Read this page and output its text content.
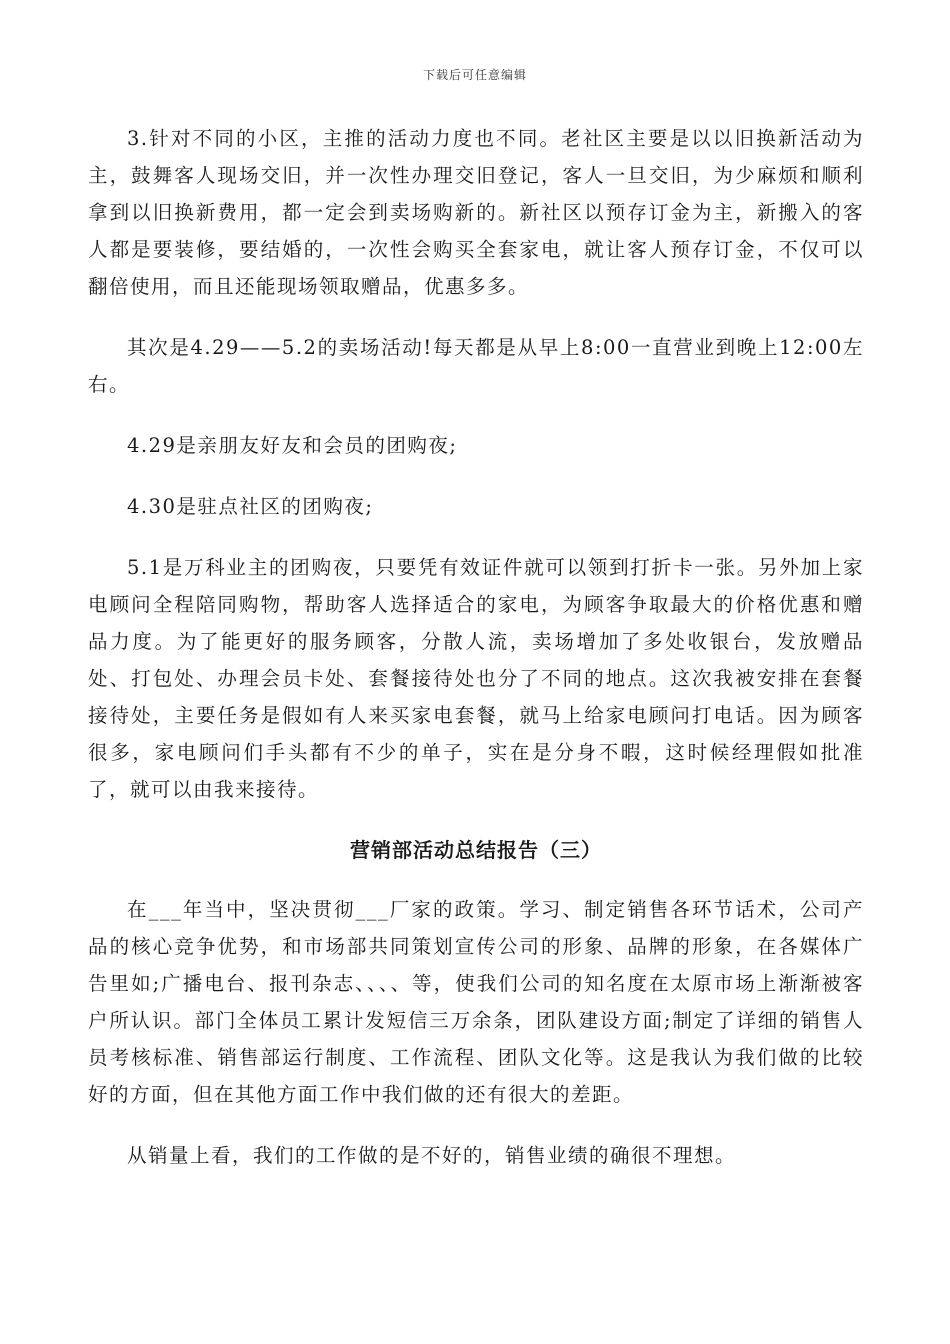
下载后可任意编辑

3.针对不同的小区，主推的活动力度也不同。老社区主要是以以旧换新活动为主，鼓舞客人现场交旧，并一次性办理交旧登记，客人一旦交旧，为少麻烦和顺利拿到以旧换新费用，都一定会到卖场购新的。新社区以预存订金为主，新搬入的客人都是要装修，要结婚的，一次性会购买全套家电，就让客人预存订金，不仅可以翻倍使用，而且还能现场领取赠品，优惠多多。

其次是4.29——5.2的卖场活动!每天都是从早上8:00一直营业到晚上12:00左右。

4.29是亲朋友好友和会员的团购夜;

4.30是驻点社区的团购夜;

5.1是万科业主的团购夜，只要凭有效证件就可以领到打折卡一张。另外加上家电顾问全程陪同购物，帮助客人选择适合的家电，为顾客争取最大的价格优惠和赠品力度。为了能更好的服务顾客，分散人流，卖场增加了多处收银台，发放赠品处、打包处、办理会员卡处、套餐接待处也分了不同的地点。这次我被安排在套餐接待处，主要任务是假如有人来买家电套餐，就马上给家电顾问打电话。因为顾客很多，家电顾问们手头都有不少的单子，实在是分身不暇，这时候经理假如批准了，就可以由我来接待。

营销部活动总结报告（三）

在___年当中，坚决贯彻___厂家的政策。学习、制定销售各环节话术，公司产品的核心竞争优势，和市场部共同策划宣传公司的形象、品牌的形象，在各媒体广告里如;广播电台、报刊杂志、、、、等，使我们公司的知名度在太原市场上渐渐被客户所认识。部门全体员工累计发短信三万余条，团队建设方面;制定了详细的销售人员考核标准、销售部运行制度、工作流程、团队文化等。这是我认为我们做的比较好的方面，但在其他方面工作中我们做的还有很大的差距。

从销量上看，我们的工作做的是不好的，销售业绩的确很不理想。
